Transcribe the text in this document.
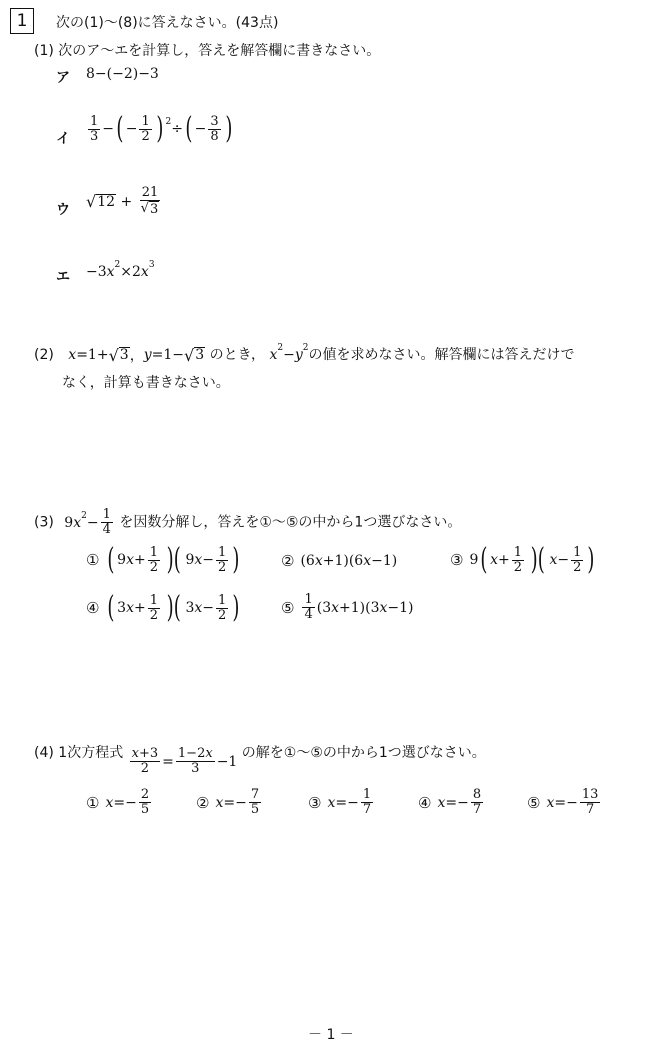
1	次の(1)～(8)に答えなさい。(43点)
(1) 次のア～エを計算し，答えを解答欄に書きなさい。
ア 8−(−2)−3
イ $\frac{1}{3}$ − ( − $\frac{1}{2}$ ) 2 ÷ ( − $\frac{3}{8}$ )
ウ √ $12 + \frac{21}{√ 3}$
エ −3 x 2 ×2 x 3
(2) x =1+ √ 3 ， y =1− √ 3 のとき， x 2 − y 2 の値を求めなさい。解答欄には答えだけで
なく，計算も書きなさい。
(3) 9 x $2 - \frac{1}{4}$ を因数分解し，答えを①～⑤の中から1つ選びなさい。
① ( 9 $x + \frac{1}{2}$ )( 9 $x - \frac{1}{2}$ )	② (6 x +1)(6 x −1)	③ 9 ( $x + \frac{1}{2}$ )( $x - \frac{1}{2}$ )
④ ( 3 $x + \frac{1}{2}$ )( 3 $x - \frac{1}{2}$ )	⑤ $\frac{1}{4} (3$ x +1)(3 x −1)
(4) 1次方程式 $\frac{x+3}{2} = \frac{1-2x}{3} -1$ の解を①～⑤の中から1つ選びなさい。
① $x =- \frac{2}{5}$	② $x =- \frac{7}{5}$	③ $x =- \frac{1}{7}$	④ $x =- \frac{8}{7}$	⑤ $x =- \frac{13}{7}$
－ 1 －
